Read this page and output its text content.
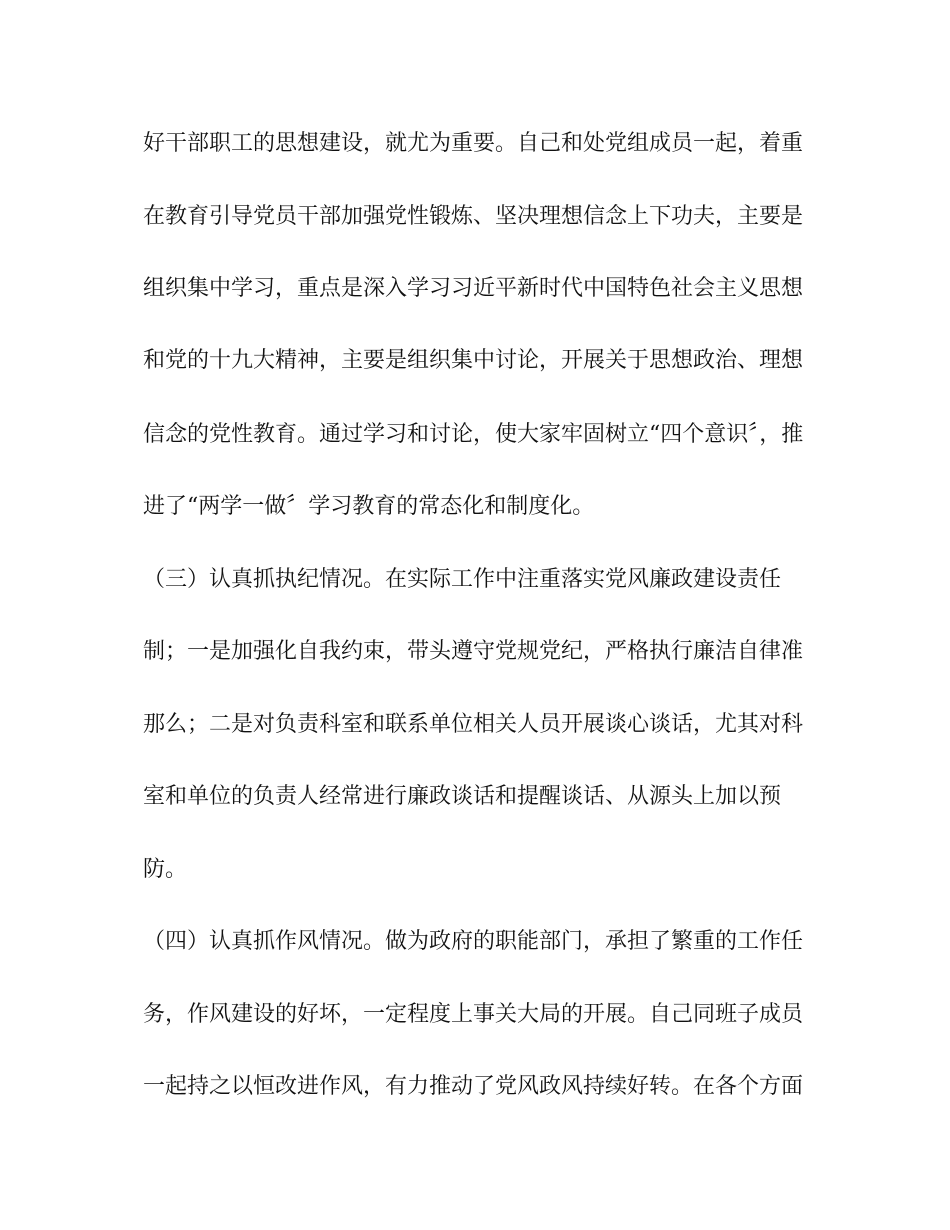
好干部职工的思想建设，就尤为重要。自己和处党组成员一起，着重
在教育引导党员干部加强党性锻炼、坚决理想信念上下功夫，主要是
组织集中学习，重点是深入学习习近平新时代中国特色社会主义思想
和党的十九大精神，主要是组织集中讨论，开展关于思想政治、理想
信念的党性教育。通过学习和讨论，使大家牢固树立“四个意识〞，推
进了“两学一做〞学习教育的常态化和制度化。
（三）认真抓执纪情况。在实际工作中注重落实党风廉政建设责任
制；一是加强化自我约束，带头遵守党规党纪，严格执行廉洁自律准
那么；二是对负责科室和联系单位相关人员开展谈心谈话，尤其对科
室和单位的负责人经常进行廉政谈话和提醒谈话、从源头上加以预
防。
（四）认真抓作风情况。做为政府的职能部门，承担了繁重的工作任
务，作风建设的好坏，一定程度上事关大局的开展。自己同班子成员
一起持之以恒改进作风，有力推动了党风政风持续好转。在各个方面
